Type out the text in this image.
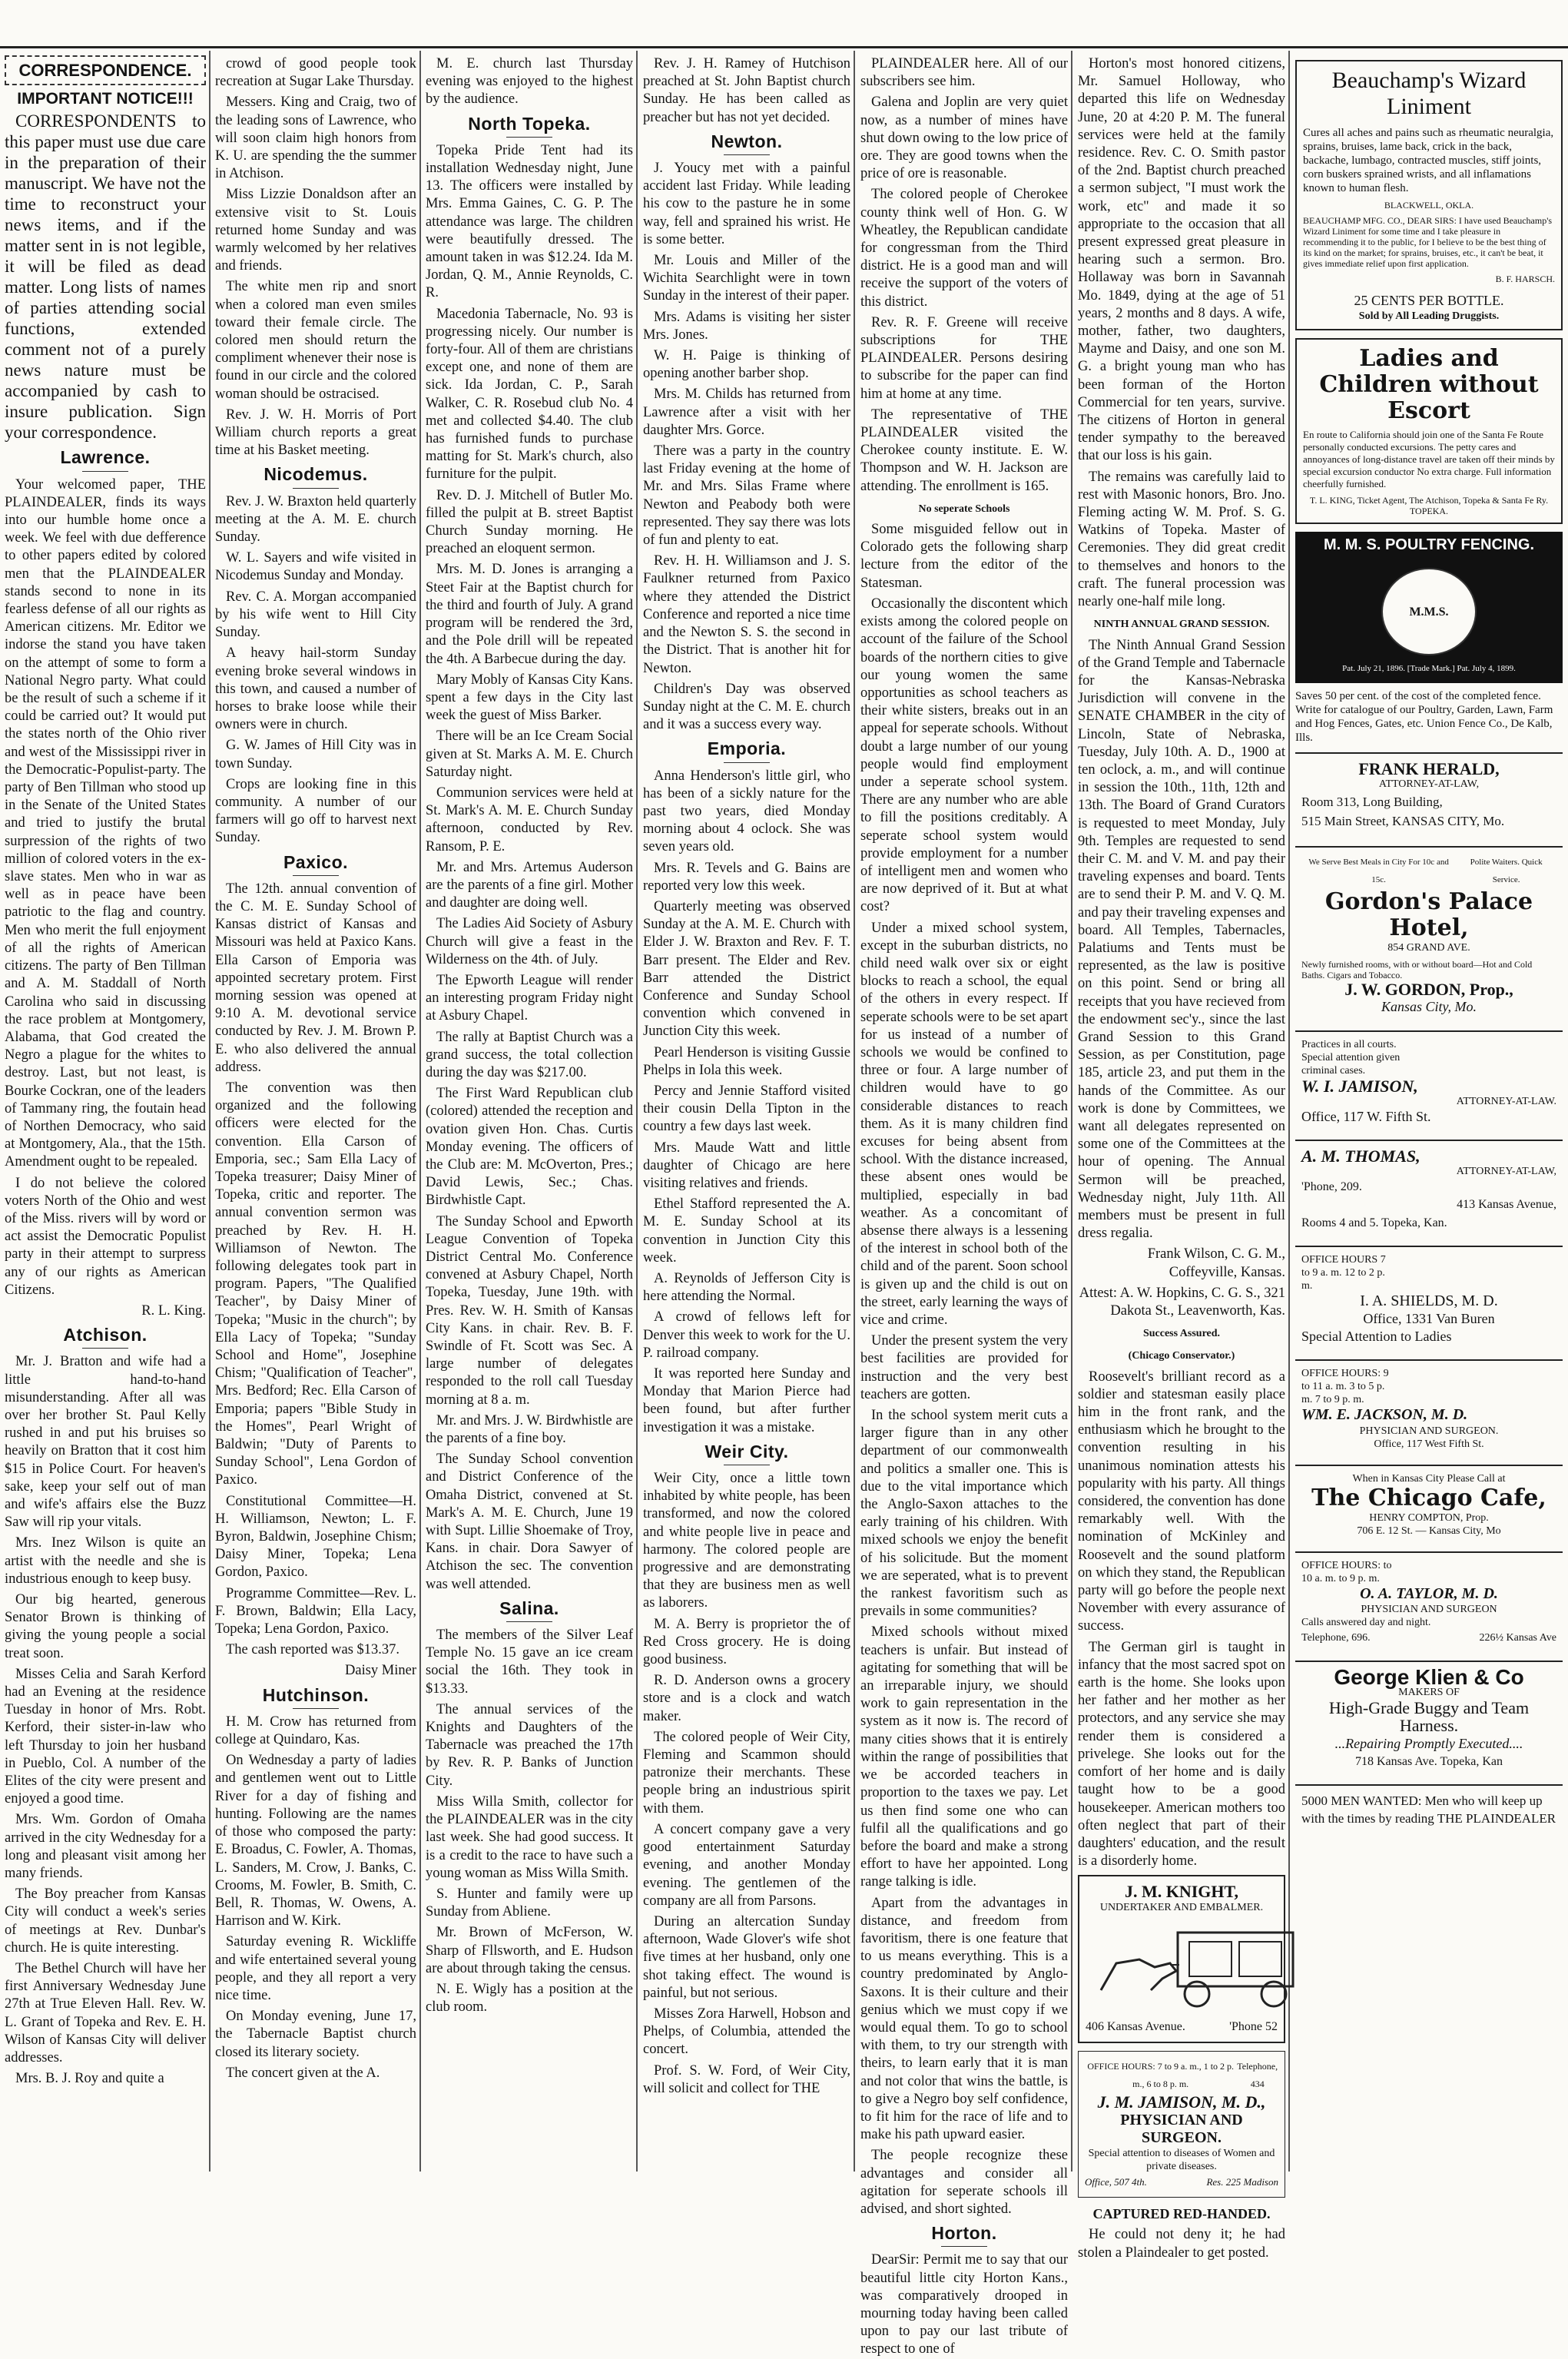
CORRESPONDENCE.

IMPORTANT NOTICE!!!

CORRESPONDENTS to this paper must use due care in the preparation of their manuscript. We have not the time to reconstruct your news items, and if the matter sent in is not legible, it will be filed as dead matter. Long lists of names of parties attending social functions, extended comment not of a purely news nature must be accompanied by cash to insure publication. Sign your correspondence.

Lawrence.

Your welcomed paper, THE PLAINDEALER, finds its ways into our humble home once a week. We feel with due defference to other papers edited by colored men that the PLAINDEALER stands second to none in its fearless defense of all our rights as American citizens. Mr. Editor we indorse the stand you have taken on the attempt of some to form a National Negro party. What could be the result of such a scheme if it could be carried out? It would put the states north of the Ohio river and west of the Mississippi river in the Democratic-Populist-party. The party of Ben Tillman who stood up in the Senate of the United States and tried to justify the brutal surpression of the rights of two million of colored voters in the ex-slave states. Men who in war as well as in peace have been patriotic to the flag and country. Men who merit the full enjoyment of all the rights of American citizens. The party of Ben Tillman and A. M. Staddall of North Carolina who said in discussing the race problem at Montgomery, Alabama, that God created the Negro a plague for the whites to destroy. Last, but not least, is Bourke Cockran, one of the leaders of Tammany ring, the foutain head of Northen Democracy, who said at Montgomery, Ala., that the 15th. Amendment ought to be repealed.

I do not believe the colored voters North of the Ohio and west of the Miss. rivers will by word or act assist the Democratic Populist party in their attempt to surpress any of our rights as American Citizens.

R. L. King.

Atchison.

Mr. J. Bratton and wife had a little hand-to-hand misunderstanding. After all was over her brother St. Paul Kelly rushed in and put his bruises so heavily on Bratton that it cost him $15 in Police Court. For heaven's sake, keep your self out of man and wife's affairs else the Buzz Saw will rip your vitals.

Mrs. Inez Wilson is quite an artist with the needle and she is industrious enough to keep busy.

Our big hearted, generous Senator Brown is thinking of giving the young people a social treat soon.

Misses Celia and Sarah Kerford had an Evening at the residence Tuesday in honor of Mrs. Robt. Kerford, their sister-in-law who left Thursday to join her husband in Pueblo, Col. A number of the Elites of the city were present and enjoyed a good time.

Mrs. Wm. Gordon of Omaha arrived in the city Wednesday for a long and pleasant visit among her many friends.

The Boy preacher from Kansas City will conduct a week's series of meetings at Rev. Dunbar's church. He is quite interesting.

The Bethel Church will have her first Anniversary Wednesday June 27th at True Eleven Hall. Rev. W. L. Grant of Topeka and Rev. E. H. Wilson of Kansas City will deliver addresses.

Mrs. B. J. Roy and quite a

crowd of good people took recreation at Sugar Lake Thursday.

Messers. King and Craig, two of the leading sons of Lawrence, who will soon claim high honors from K. U. are spending the the summer in Atchison.

Miss Lizzie Donaldson after an extensive visit to St. Louis returned home Sunday and was warmly welcomed by her relatives and friends.

The white men rip and snort when a colored man even smiles toward their female circle. The colored men should return the compliment whenever their nose is found in our circle and the colored woman should be ostracised.

Rev. J. W. H. Morris of Port William church reports a great time at his Basket meeting.

Nicodemus.

Rev. J. W. Braxton held quarterly meeting at the A. M. E. church Sunday.

W. L. Sayers and wife visited in Nicodemus Sunday and Monday.

Rev. C. A. Morgan accompanied by his wife went to Hill City Sunday.

A heavy hail-storm Sunday evening broke several windows in this town, and caused a number of horses to brake loose while their owners were in church.

G. W. James of Hill City was in town Sunday.

Crops are looking fine in this community. A number of our farmers will go off to harvest next Sunday.

Paxico.

The 12th. annual convention of the C. M. E. Sunday School of Kansas district of Kansas and Missouri was held at Paxico Kans. Ella Carson of Emporia was appointed secretary protem. First morning session was opened at 9:10 A. M. devotional service conducted by Rev. J. M. Brown P. E. who also delivered the annual address.

The convention was then organized and the following officers were elected for the convention. Ella Carson of Emporia, sec.; Sam Ella Lacy of Topeka treasurer; Daisy Miner of Topeka, critic and reporter. The annual convention sermon was preached by Rev. H. H. Williamson of Newton. The following delegates took part in program. Papers, "The Qualified Teacher", by Daisy Miner of Topeka; "Music in the church"; by Ella Lacy of Topeka; "Sunday School and Home", Josephine Chism; "Qualification of Teacher", Mrs. Bedford; Rec. Ella Carson of Emporia; papers "Bible Study in the Homes", Pearl Wright of Baldwin; "Duty of Parents to Sunday School", Lena Gordon of Paxico.

Constitutional Committee—H. H. Williamson, Newton; L. F. Byron, Baldwin, Josephine Chism; Daisy Miner, Topeka; Lena Gordon, Paxico.

Programme Committee—Rev. L. F. Brown, Baldwin; Ella Lacy, Topeka; Lena Gordon, Paxico.

The cash reported was $13.37.

Daisy Miner

Hutchinson.

H. M. Crow has returned from college at Quindaro, Kas.

On Wednesday a party of ladies and gentlemen went out to Little River for a day of fishing and hunting. Following are the names of those who composed the party: E. Broadus, C. Fowler, A. Thomas, L. Sanders, M. Crow, J. Banks, C. Crooms, M. Fowler, B. Smith, C. Bell, R. Thomas, W. Owens, A. Harrison and W. Kirk.

Saturday evening R. Wickliffe and wife entertained several young people, and they all report a very nice time.

On Monday evening, June 17, the Tabernacle Baptist church closed its literary society.

The concert given at the A.

M. E. church last Thursday evening was enjoyed to the highest by the audience.

North Topeka.

Topeka Pride Tent had its installation Wednesday night, June 13. The officers were installed by Mrs. Emma Gaines, C. G. P. The attendance was large. The children were beautifully dressed. The amount taken in was $12.24. Ida M. Jordan, Q. M., Annie Reynolds, C. R.

Macedonia Tabernacle, No. 93 is progressing nicely. Our number is forty-four. All of them are christians except one, and none of them are sick. Ida Jordan, C. P., Sarah Walker, C. R. Rosebud club No. 4 met and collected $4.40. The club has furnished funds to purchase matting for St. Mark's church, also furniture for the pulpit.

Rev. D. J. Mitchell of Butler Mo. filled the pulpit at B. street Baptist Church Sunday morning. He preached an eloquent sermon.

Mrs. M. D. Jones is arranging a Steet Fair at the Baptist church for the third and fourth of July. A grand program will be rendered the 3rd, and the Pole drill will be repeated the 4th. A Barbecue during the day.

Mary Mobly of Kansas City Kans. spent a few days in the City last week the guest of Miss Barker.

There will be an Ice Cream Social given at St. Marks A. M. E. Church Saturday night.

Communion services were held at St. Mark's A. M. E. Church Sunday afternoon, conducted by Rev. Ransom, P. E.

Mr. and Mrs. Artemus Auderson are the parents of a fine girl. Mother and daughter are doing well.

The Ladies Aid Society of Asbury Church will give a feast in the Wilderness on the 4th. of July.

The Epworth League will render an interesting program Friday night at Asbury Chapel.

The rally at Baptist Church was a grand success, the total collection during the day was $217.00.

The First Ward Republican club (colored) attended the reception and ovation given Hon. Chas. Curtis Monday evening. The officers of the Club are: M. McOverton, Pres.; David Lewis, Sec.; Chas. Birdwhistle Capt.

The Sunday School and Epworth League Convention of Topeka District Central Mo. Conference convened at Asbury Chapel, North Topeka, Tuesday, June 19th. with Pres. Rev. W. H. Smith of Kansas City Kans. in chair. Rev. B. F. Swindle of Ft. Scott was Sec. A large number of delegates responded to the roll call Tuesday morning at 8 a. m.

Mr. and Mrs. J. W. Birdwhistle are the parents of a fine boy.

The Sunday School convention and District Conference of the Omaha District, convened at St. Mark's A. M. E. Church, June 19 with Supt. Lillie Shoemake of Troy, Kans. in chair. Dora Sawyer of Atchison the sec. The convention was well attended.

Salina.

The members of the Silver Leaf Temple No. 15 gave an ice cream social the 16th. They took in $13.33.

The annual services of the Knights and Daughters of the Tabernacle was preached the 17th by Rev. R. P. Banks of Junction City.

Miss Willa Smith, collector for the PLAINDEALER was in the city last week. She had good success. It is a credit to the race to have such a young woman as Miss Willa Smith.

S. Hunter and family were up Sunday from Abliene.

Mr. Brown of McFerson, W. Sharp of Fllsworth, and E. Hudson are about through taking the census.

N. E. Wigly has a position at the club room.

Rev. J. H. Ramey of Hutchison preached at St. John Baptist church Sunday. He has been called as preacher but has not yet decided.

Newton.

J. Youcy met with a painful accident last Friday. While leading his cow to the pasture he in some way, fell and sprained his wrist. He is some better.

Mr. Louis and Miller of the Wichita Searchlight were in town Sunday in the interest of their paper.

Mrs. Adams is visiting her sister Mrs. Jones.

W. H. Paige is thinking of opening another barber shop.

Mrs. M. Childs has returned from Lawrence after a visit with her daughter Mrs. Gorce.

There was a party in the country last Friday evening at the home of Mr. and Mrs. Silas Frame where Newton and Peabody both were represented. They say there was lots of fun and plenty to eat.

Rev. H. H. Williamson and J. S. Faulkner returned from Paxico where they attended the District Conference and reported a nice time and the Newton S. S. the second in the District. That is another hit for Newton.

Children's Day was observed Sunday night at the C. M. E. church and it was a success every way.

Emporia.

Anna Henderson's little girl, who has been of a sickly nature for the past two years, died Monday morning about 4 oclock. She was seven years old.

Mrs. R. Tevels and G. Bains are reported very low this week.

Quarterly meeting was observed Sunday at the A. M. E. Church with Elder J. W. Braxton and Rev. F. T. Barr present. The Elder and Rev. Barr attended the District Conference and Sunday School convention which convened in Junction City this week.

Pearl Henderson is visiting Gussie Phelps in Iola this week.

Percy and Jennie Stafford visited their cousin Della Tipton in the country a few days last week.

Mrs. Maude Watt and little daughter of Chicago are here visiting relatives and friends.

Ethel Stafford represented the A. M. E. Sunday School at its convention in Junction City this week.

A. Reynolds of Jefferson City is here attending the Normal.

A crowd of fellows left for Denver this week to work for the U. P. railroad company.

It was reported here Sunday and Monday that Marion Pierce had been found, but after further investigation it was a mistake.

Weir City.

Weir City, once a little town inhabited by white people, has been transformed, and now the colored and white people live in peace and harmony. The colored people are progressive and are demonstrating that they are business men as well as laborers.

M. A. Berry is proprietor the of Red Cross grocery. He is doing good business.

R. D. Anderson owns a grocery store and is a clock and watch maker.

The colored people of Weir City, Fleming and Scammon should patronize their merchants. These people bring an industrious spirit with them.

A concert company gave a very good entertainment Saturday evening, and another Monday evening. The gentlemen of the company are all from Parsons.

During an altercation Sunday afternoon, Wade Glover's wife shot five times at her husband, only one shot taking effect. The wound is painful, but not serious.

Misses Zora Harwell, Hobson and Phelps, of Columbia, attended the concert.

Prof. S. W. Ford, of Weir City, will solicit and collect for THE

PLAINDEALER here. All of our subscribers see him.

Galena and Joplin are very quiet now, as a number of mines have shut down owing to the low price of ore. They are good towns when the price of ore is reasonable.

The colored people of Cherokee county think well of Hon. G. W Wheatley, the Republican candidate for congressman from the Third district. He is a good man and will receive the support of the voters of this district.

Rev. R. F. Greene will receive subscriptions for THE PLAINDEALER. Persons desiring to subscribe for the paper can find him at home at any time.

The representative of THE PLAINDEALER visited the Cherokee county institute. E. W. Thompson and W. H. Jackson are attending. The enrollment is 165.

No seperate Schools

Some misguided fellow out in Colorado gets the following sharp lecture from the editor of the Statesman.

Occasionally the discontent which exists among the colored people on account of the failure of the School boards of the northern cities to give our young women the same opportunities as school teachers as their white sisters, breaks out in an appeal for seperate schools. Without doubt a large number of our young people would find employment under a seperate school system. There are any number who are able to fill the positions creditably. A seperate school system would provide employment for a number of intelligent men and women who are now deprived of it. But at what cost?

Under a mixed school system, except in the suburban districts, no child need walk over six or eight blocks to reach a school, the equal of the others in every respect. If seperate schools were to be set apart for us instead of a number of schools we would be confined to three or four. A large number of children would have to go considerable distances to reach them. As it is many children find excuses for being absent from school. With the distance increased, these absent ones would be multiplied, especially in bad weather. As a concomitant of absense there always is a lessening of the interest in school both of the child and of the parent. Soon school is given up and the child is out on the street, early learning the ways of vice and crime.

Under the present system the very best facilities are provided for instruction and the very best teachers are gotten.

In the school system merit cuts a larger figure than in any other department of our commonwealth and politics a smaller one. This is due to the vital importance which the Anglo-Saxon attaches to the early training of his children. With mixed schools we enjoy the benefit of his solicitude. But the moment we are seperated, what is to prevent the rankest favoritism such as prevails in some communities?

Mixed schools without mixed teachers is unfair. But instead of agitating for something that will be an irreparable injury, we should work to gain representation in the system as it now is. The record of many cities shows that it is entirely within the range of possibilities that we be accorded teachers in proportion to the taxes we pay. Let us then find some one who can fulfil all the qualifications and go before the board and make a strong effort to have her appointed. Long range talking is idle.

Apart from the advantages in distance, and freedom from favoritism, there is one feature that to us means everything. This is a country predominated by Anglo-Saxons. It is their culture and their genius which we must copy if we would equal them. To go to school with them, to try our strength with theirs, to learn early that it is man and not color that wins the battle, is to give a Negro boy self confidence, to fit him for the race of life and to make his path upward easier.

The people recognize these advantages and consider all agitation for seperate schools ill advised, and short sighted.

Horton.

DearSir: Permit me to say that our beautiful little city Horton Kans., was comparatively drooped in mourning today having been called upon to pay our last tribute of respect to one of

Horton's most honored citizens, Mr. Samuel Holloway, who departed this life on Wednesday June, 20 at 4:20 P. M. The funeral services were held at the family residence. Rev. C. O. Smith pastor of the 2nd. Baptist church preached a sermon subject, "I must work the work, etc" and made it so appropriate to the occasion that all present expressed great pleasure in hearing such a sermon. Bro. Hollaway was born in Savannah Mo. 1849, dying at the age of 51 years, 2 months and 8 days. A wife, mother, father, two daughters, Mayme and Daisy, and one son M. G. a bright young man who has been forman of the Horton Commercial for ten years, survive. The citizens of Horton in general tender sympathy to the bereaved that our loss is his gain.

The remains was carefully laid to rest with Masonic honors, Bro. Jno. Fleming acting W. M. Prof. S. G. Watkins of Topeka. Master of Ceremonies. They did great credit to themselves and honors to the craft. The funeral procession was nearly one-half mile long.

NINTH ANNUAL GRAND SESSION.

The Ninth Annual Grand Session of the Grand Temple and Tabernacle for the Kansas-Nebraska Jurisdiction will convene in the SENATE CHAMBER in the city of Lincoln, State of Nebraska, Tuesday, July 10th. A. D., 1900 at ten oclock, a. m., and will continue in session the 10th., 11th, 12th and 13th. The Board of Grand Curators is requested to meet Monday, July 9th. Temples are requested to send their C. M. and V. M. and pay their traveling expenses and board. Tents are to send their P. M. and V. Q. M. and pay their traveling expenses and board. All Temples, Tabernacles, Palatiums and Tents must be represented, as the law is positive on this point. Send or bring all receipts that you have recieved from the endowment sec'y., since the last Grand Session to this Grand Session, as per Constitution, page 185, article 23, and put them in the hands of the Committee. As our work is done by Committees, we want all delegates represented on some one of the Committees at the hour of opening. The Annual Sermon will be preached, Wednesday night, July 11th. All members must be present in full dress regalia.

Frank Wilson, C. G. M., Coffeyville, Kansas.

Attest: A. W. Hopkins, C. G. S., 321 Dakota St., Leavenworth, Kas.

Success Assured.

(Chicago Conservator.)

Roosevelt's brilliant record as a soldier and statesman easily place him in the front rank, and the enthusiasm which he brought to the convention resulting in his unanimous nomination attests his popularity with his party. All things considered, the convention has done remarkably well. With the nomination of McKinley and Roosevelt and the sound platform on which they stand, the Republican party will go before the people next November with every assurance of success.

The German girl is taught in infancy that the most sacred spot on earth is the home. She looks upon her father and her mother as her protectors, and any service she may render them is considered a privelege. She looks out for the comfort of her home and is daily taught how to be a good housekeeper. American mothers too often neglect that part of their daughters' education, and the result is a disorderly home.

J. M. KNIGHT,
UNDERTAKER AND EMBALMER.
406 Kansas Avenue.	'Phone 52
OFFICE HOURS: 7 to 9 a. m., 1 to 2 p. m., 6 to 8 p. m.
Telephone, 434
J. M. JAMISON, M. D.,
PHYSICIAN AND SURGEON.
Special attention to diseases of Women and private diseases.
Office, 507 4th.	Res. 225 Madison

CAPTURED RED-HANDED.

He could not deny it; he had stolen a Plaindealer to get posted.

Beauchamp's Wizard Liniment
Cures all aches and pains such as rheumatic neuralgia, sprains, bruises, lame back, crick in the back, backache, lumbago, contracted muscles, stiff joints, corn buskers sprained wrists, and all inflamations known to human flesh.
BLACKWELL, OKLA.
BEAUCHAMP MFG. CO., DEAR SIRS: I have used Beauchamp's Wizard Liniment for some time and I take pleasure in recommending it to the public, for I believe to be the best thing of its kind on the market; for sprains, bruises, etc., it can't be beat, it gives immediate relief upon first application.
B. F. HARSCH.
25 CENTS PER BOTTLE.
Sold by All Leading Druggists.
Ladies and Children without Escort
En route to California should join one of the Santa Fe Route personally conducted excursions. The petty cares and annoyances of long-distance travel are taken off their minds by special excursion conductor No extra charge. Full information cheerfully furnished.
T. L. KING, Ticket Agent, The Atchison, Topeka & Santa Fe Ry. TOPEKA.
M. M. S. POULTRY FENCING.
M.M.S.
Pat. July 21, 1896. [Trade Mark.] Pat. July 4, 1899.
Saves 50 per cent. of the cost of the completed fence. Write for catalogue of our Poultry, Garden, Lawn, Farm and Hog Fences, Gates, etc. Union Fence Co., De Kalb, Ills.
FRANK HERALD,
ATTORNEY-AT-LAW,
Room 313, Long Building,
515 Main Street, KANSAS CITY, Mo.
We Serve Best Meals in City For 10c and 15c.
Polite Waiters. Quick Service.
Gordon's Palace Hotel,
854 GRAND AVE.
Newly furnished rooms, with or without board—Hot and Cold Baths. Cigars and Tobacco.
J. W. GORDON, Prop.,
Kansas City, Mo.
Practices in all courts. Special attention given criminal cases.
W. I. JAMISON,
ATTORNEY-AT-LAW.
Office, 117 W. Fifth St.
A. M. THOMAS,
ATTORNEY-AT-LAW,
'Phone, 209.
413 Kansas Avenue,
Rooms 4 and 5. Topeka, Kan.
OFFICE HOURS 7 to 9 a. m. 12 to 2 p. m.
I. A. SHIELDS, M. D.
Office, 1331 Van Buren
Special Attention to Ladies
OFFICE HOURS: 9 to 11 a. m. 3 to 5 p. m. 7 to 9 p. m.
WM. E. JACKSON, M. D.
PHYSICIAN AND SURGEON.
Office, 117 West Fifth St.
When in Kansas City Please Call at
The Chicago Cafe,
HENRY COMPTON, Prop.
706 E. 12 St. — Kansas City, Mo
OFFICE HOURS: to 10 a. m. to 9 p. m.
O. A. TAYLOR, M. D.
PHYSICIAN AND SURGEON
Calls answered day and night.
Telephone, 696.	226½ Kansas Ave
George Klien & Co
MAKERS OF
High-Grade Buggy and Team Harness.
...Repairing Promptly Executed....
718 Kansas Ave. Topeka, Kan
5000 MEN WANTED: Men who will keep up with the times by reading THE PLAINDEALER
